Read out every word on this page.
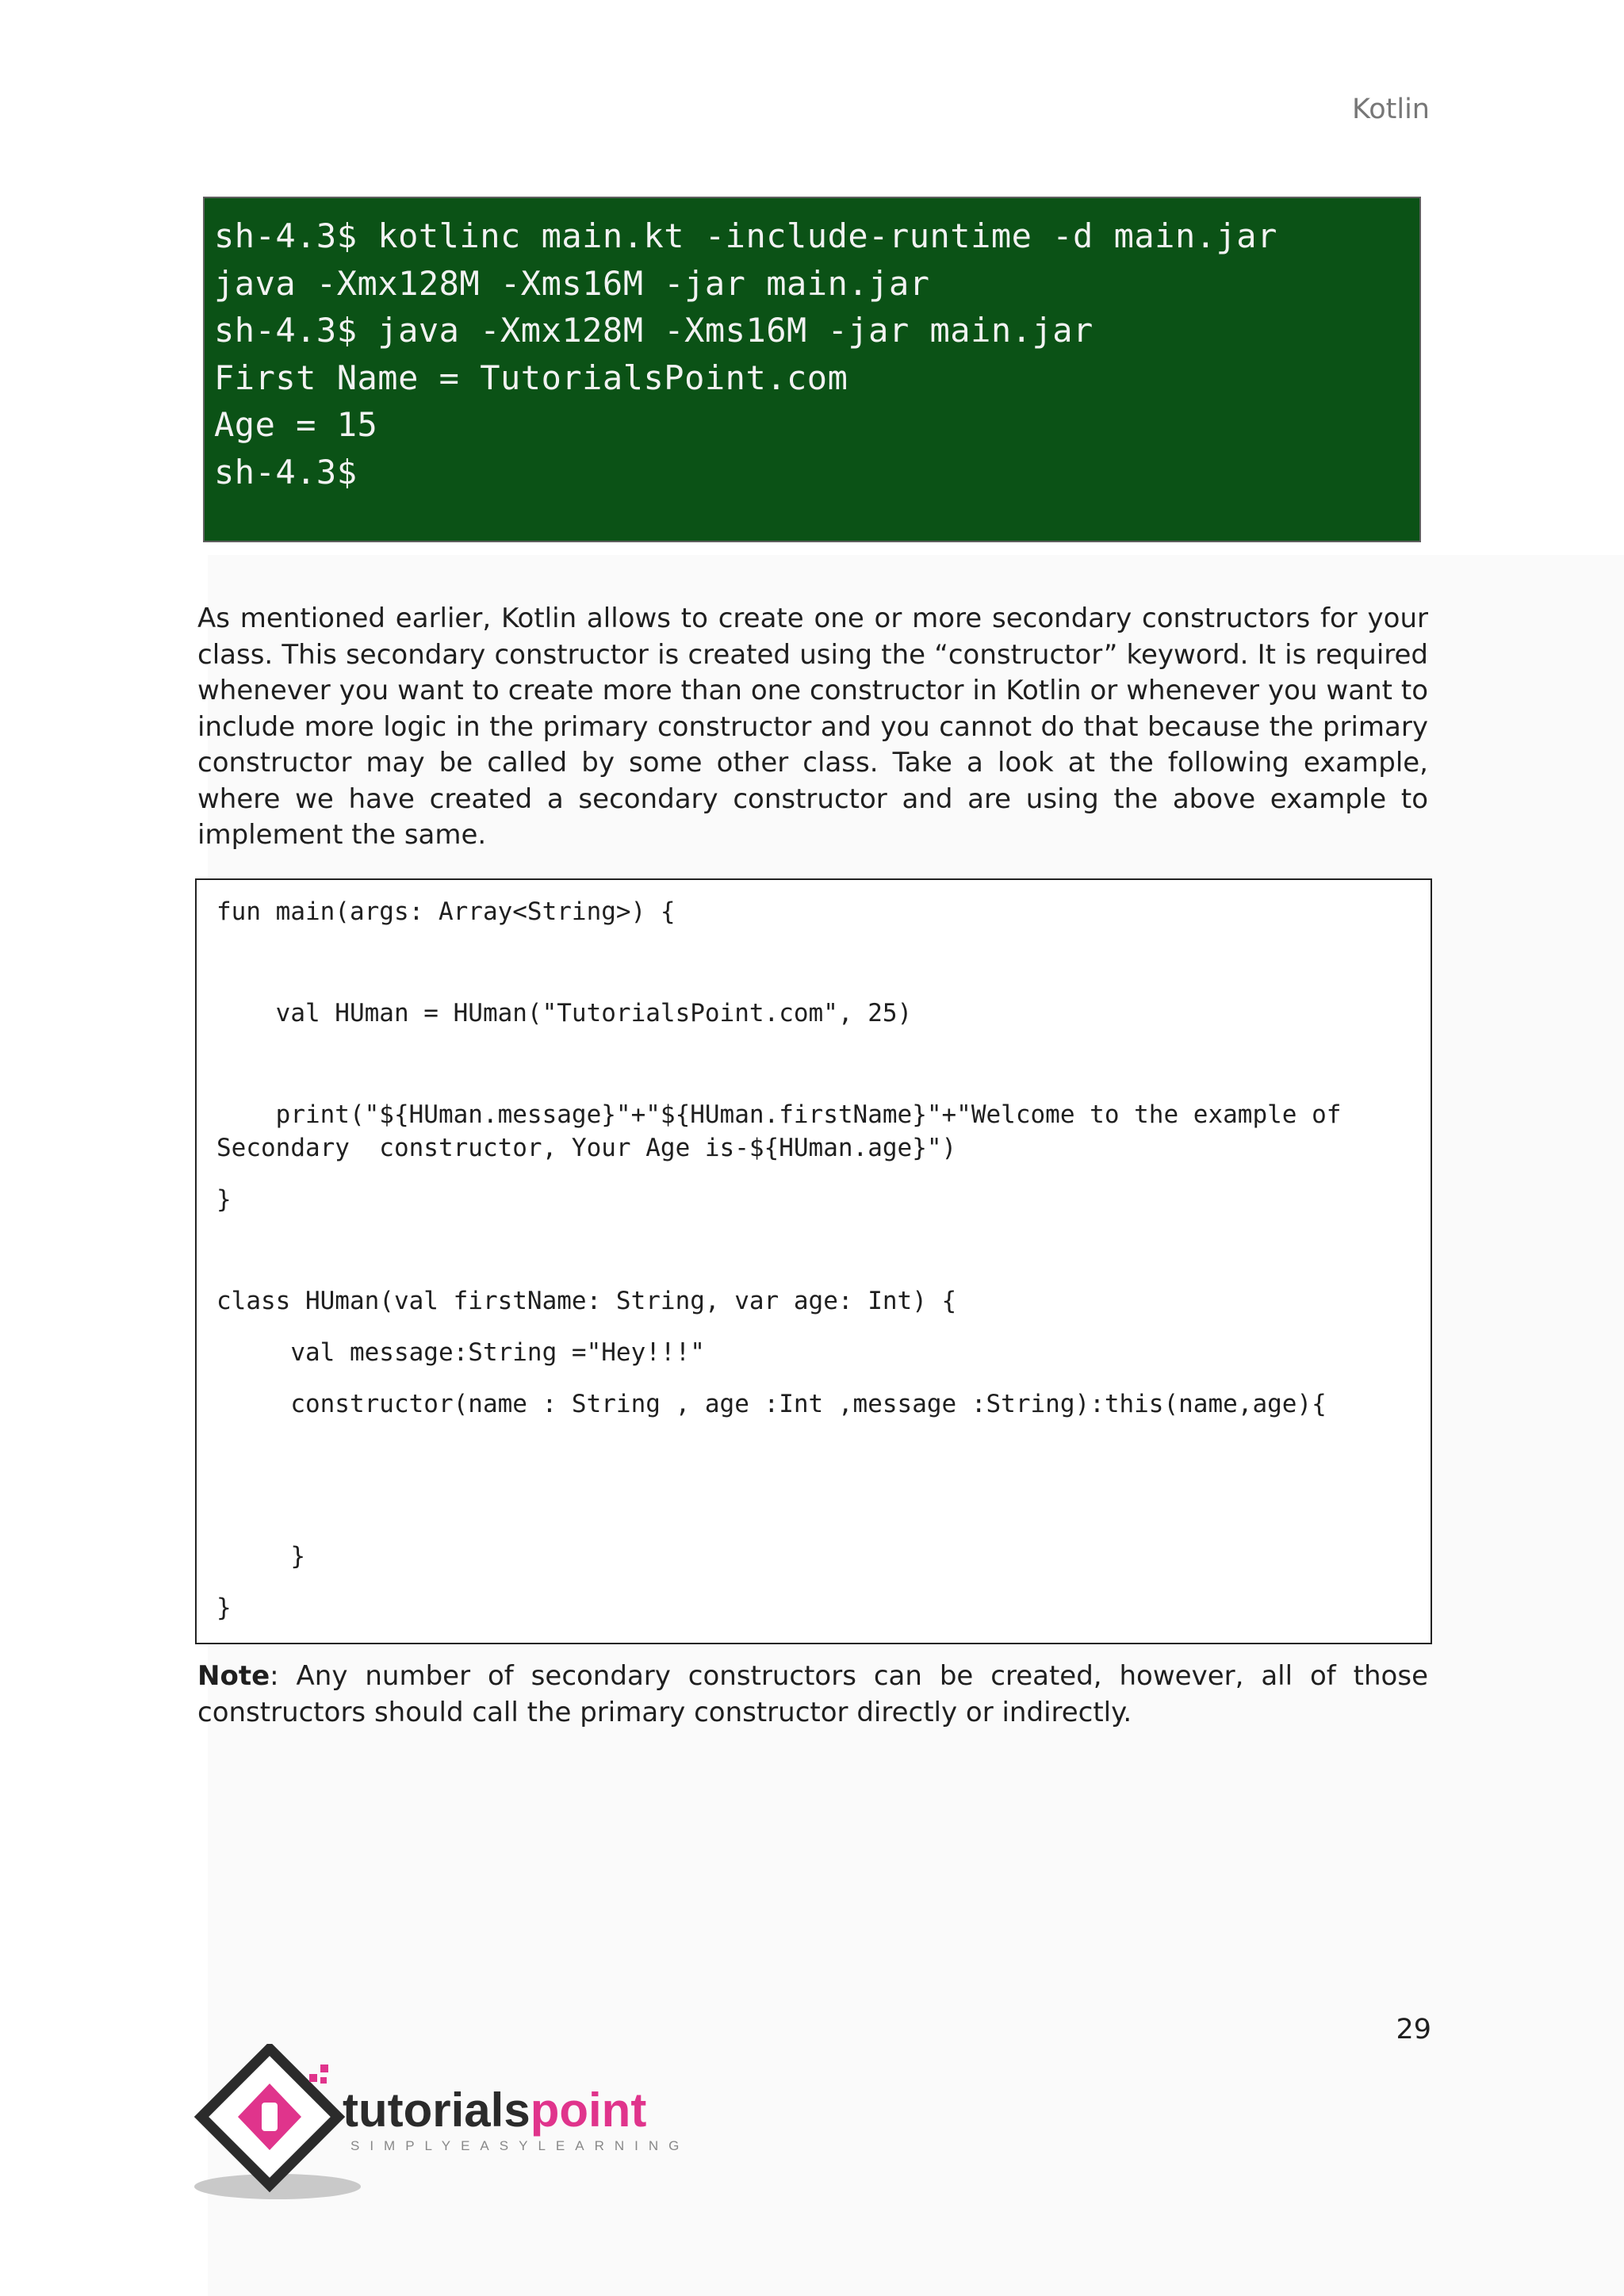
Kotlin
sh-4.3$ kotlinc main.kt -include-runtime -d main.jar
java -Xmx128M -Xms16M -jar main.jar
sh-4.3$ java -Xmx128M -Xms16M -jar main.jar
First Name = TutorialsPoint.com
Age = 15
sh-4.3$
As mentioned earlier, Kotlin allows to create one or more secondary constructors for your class. This secondary constructor is created using the “constructor” keyword. It is required whenever you want to create more than one constructor in Kotlin or whenever you want to include more logic in the primary constructor and you cannot do that because the primary constructor may be called by some other class. Take a look at the following example, where we have created a secondary constructor and are using the above example to implement the same.
fun main(args: Array<String>) {
val HUman = HUman("TutorialsPoint.com", 25)
print("${HUman.message}"+"${HUman.firstName}"+"Welcome to the example of
Secondary  constructor, Your Age is-${HUman.age}")
}
class HUman(val firstName: String, var age: Int) {
val message:String ="Hey!!!"
constructor(name : String , age :Int ,message :String):this(name,age){
}
}
Note: Any number of secondary constructors can be created, however, all of those constructors should call the primary constructor directly or indirectly.
29
tutorialspoint
SIMPLYEASYLEARNING
